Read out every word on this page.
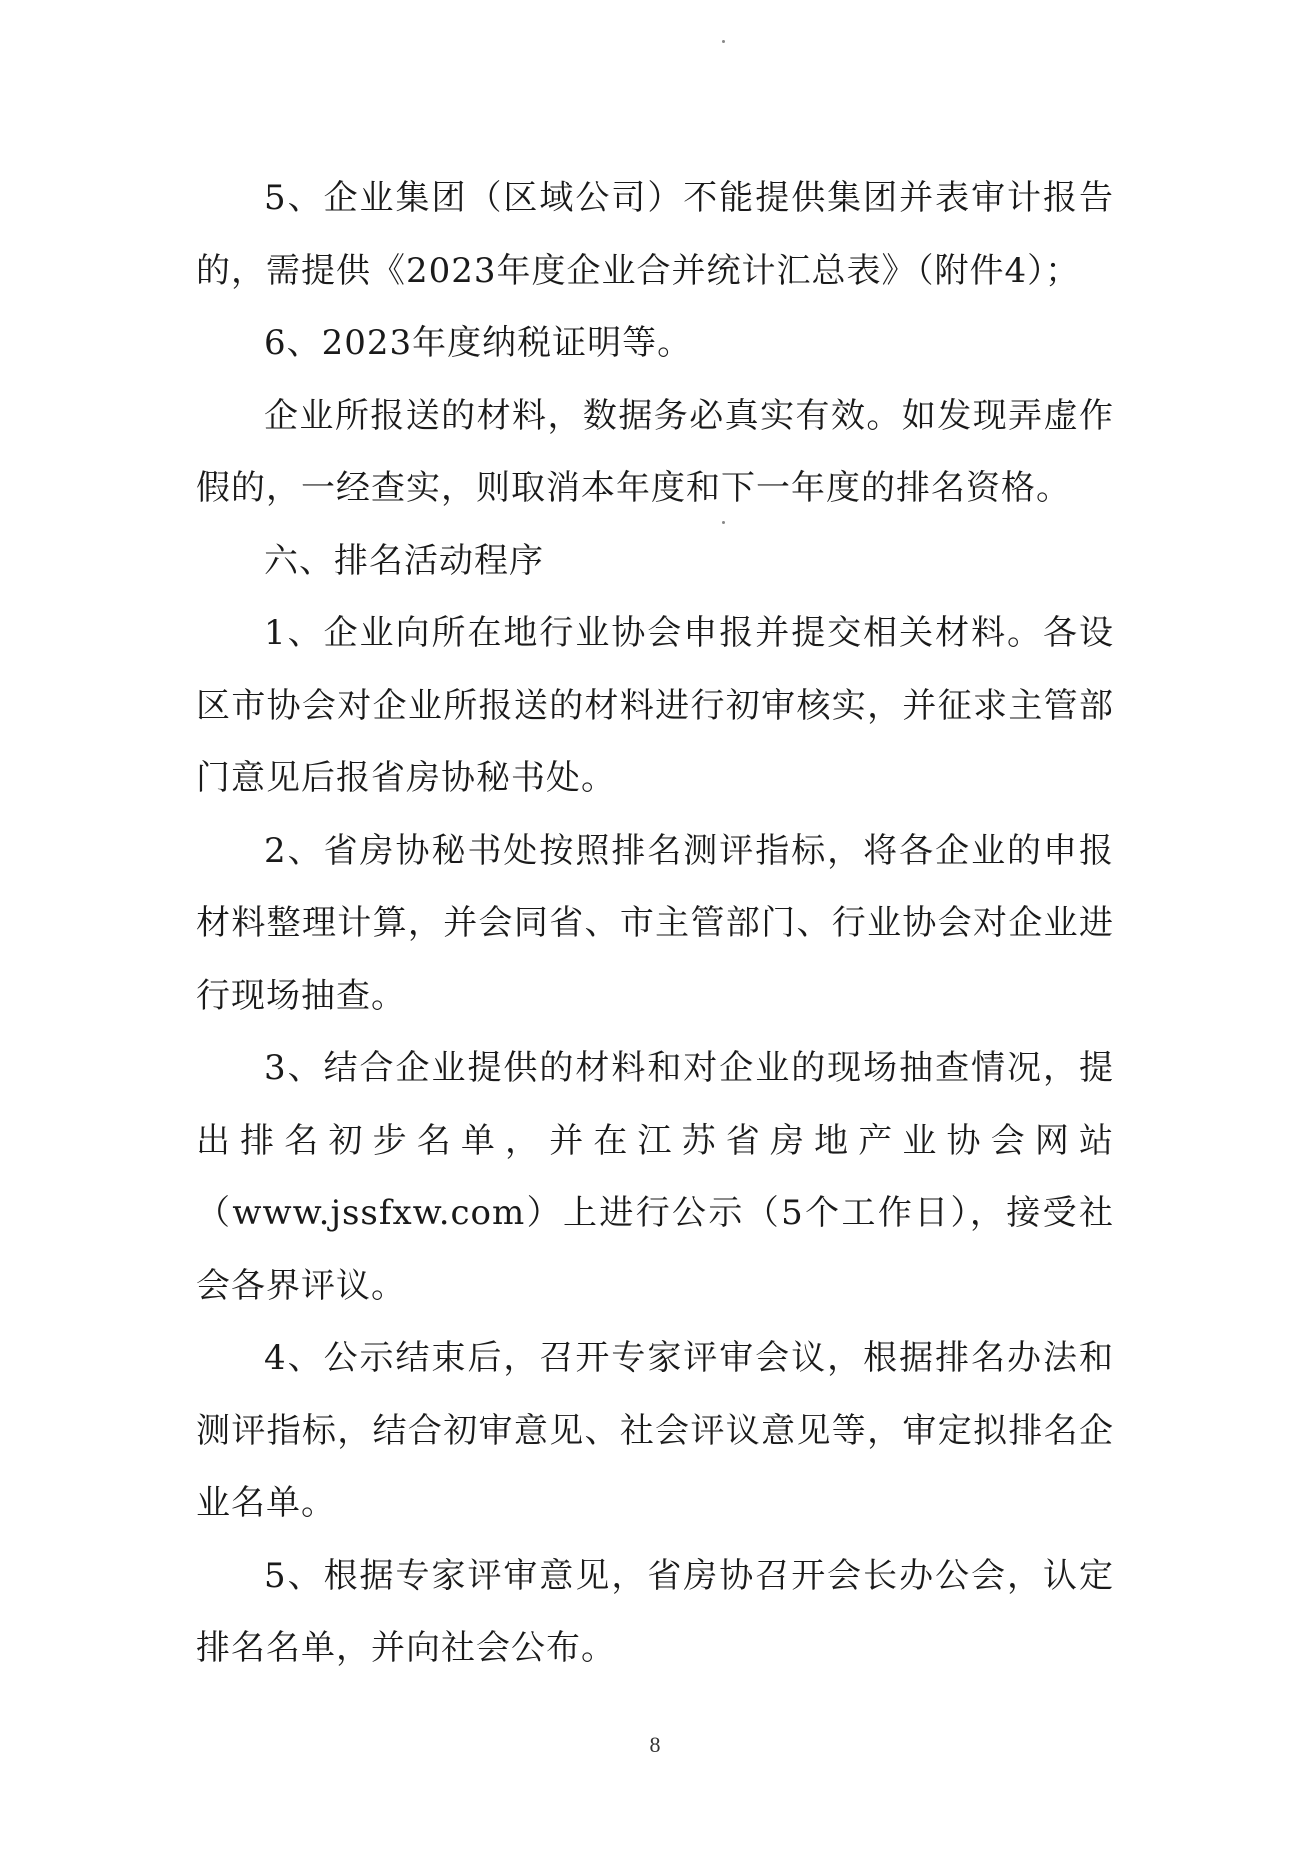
5、企业集团（区域公司）不能提供集团并表审计报告的，需提供《2023年度企业合并统计汇总表》（附件4）；

6、2023年度纳税证明等。

企业所报送的材料，数据务必真实有效。如发现弄虚作假的，一经查实，则取消本年度和下一年度的排名资格。

六、排名活动程序

1、企业向所在地行业协会申报并提交相关材料。各设区市协会对企业所报送的材料进行初审核实，并征求主管部门意见后报省房协秘书处。

2、省房协秘书处按照排名测评指标，将各企业的申报材料整理计算，并会同省、市主管部门、行业协会对企业进行现场抽查。

3、结合企业提供的材料和对企业的现场抽查情况，提出排名初步名单，并在江苏省房地产业协会网站（www.jssfxw.com）上进行公示（5个工作日），接受社会各界评议。

4、公示结束后，召开专家评审会议，根据排名办法和测评指标，结合初审意见、社会评议意见等，审定拟排名企业名单。

5、根据专家评审意见，省房协召开会长办公会，认定排名名单，并向社会公布。

8
